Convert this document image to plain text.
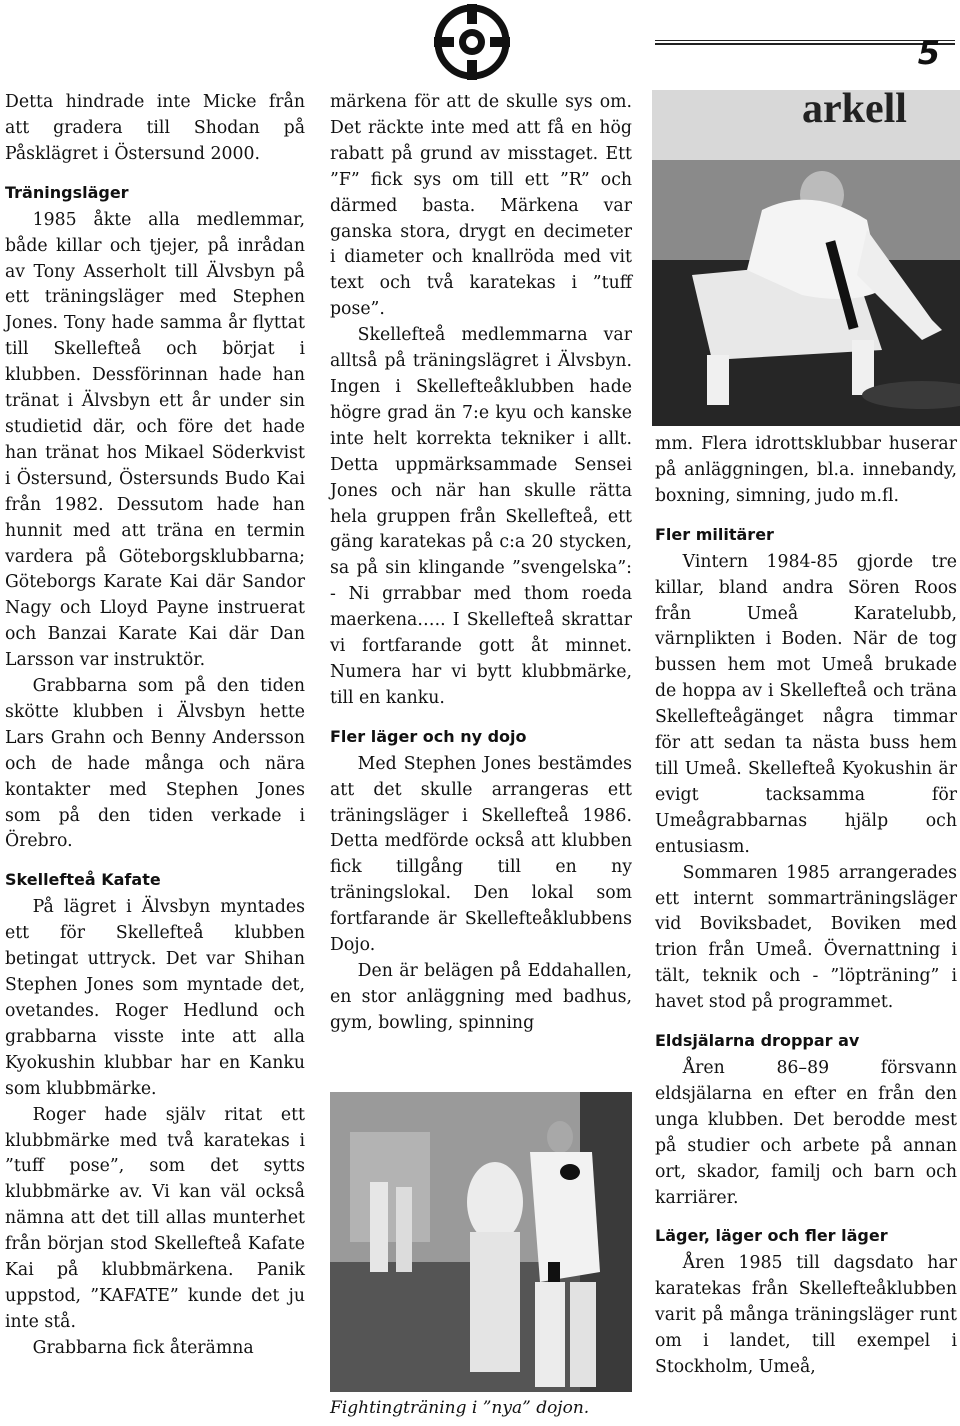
5

Detta hindrade inte Micke från att gradera till Shodan på Påsklägret i Östersund 2000.

Träningsläger

1985 åkte alla medlemmar, både killar och tjejer, på inrådan av Tony Asserholt till Älvsbyn på ett träningsläger med Stephen Jones. Tony hade samma år flyttat till Skellefteå och börjat i klubben. Dessförinnan hade han tränat i Älvsbyn ett år under sin studietid där, och före det hade han tränat hos Mikael Söderkvist i Östersund, Östersunds Budo Kai från 1982. Dessutom hade han hunnit med att träna en termin vardera på Göteborgsklubbarna; Göteborgs Karate Kai där Sandor Nagy och Lloyd Payne instruerat och Banzai Karate Kai där Dan Larsson var instruktör.

Grabbarna som på den tiden skötte klubben i Älvsbyn hette Lars Grahn och Benny Andersson och de hade många och nära kontakter med Stephen Jones som på den tiden verkade i Örebro.

Skellefteå Kafate

På lägret i Älvsbyn myntades ett för Skellefteå klubben betingat uttryck. Det var Shihan Stephen Jones som myntade det, ovetandes. Roger Hedlund och grabbarna visste inte att alla Kyokushin klubbar har en Kanku som klubbmärke.

Roger hade själv ritat ett klubbmärke med två karatekas i ”tuff pose”, som det sytts klubbmärke av. Vi kan väl också nämna att det till allas munterhet från början stod Skellefteå Kafate Kai på klubbmärkena. Panik uppstod, ”KAFATE” kunde det ju inte stå.

Grabbarna fick återämna

märkena för att de skulle sys om. Det räckte inte med att få en hög rabatt på grund av misstaget. Ett ”F” fick sys om till ett ”R” och därmed basta. Märkena var ganska stora, drygt en decimeter i diameter och knallröda med vit text och två karatekas i ”tuff pose”.

Skellefteå medlemmarna var alltså på träningslägret i Älvsbyn. Ingen i Skellefteåklubben hade högre grad än 7:e kyu och kanske inte helt korrekta tekniker i allt. Detta uppmärksammade Sensei Jones och när han skulle rätta hela gruppen från Skellefteå, ett gäng karatekas på c:a 20 stycken, sa på sin klingande ”svengelska”: - Ni grrabbar med thom roeda maerkena….. I Skellefteå skrattar vi fortfarande gott åt minnet. Numera har vi bytt klubbmärke, till en kanku.

Fler läger och ny dojo

Med Stephen Jones bestämdes att det skulle arrangeras ett träningsläger i Skellefteå 1986. Detta medförde också att klubben fick tillgång till en ny träningslokal. Den lokal som fortfarande är Skellefteåklubbens Dojo.

Den är belägen på Eddahallen, en stor anläggning med badhus, gym, bowling, spinning

mm. Flera idrottsklubbar huserar på anläggningen, bl.a. innebandy, boxning, simning, judo m.fl.

Fler militärer

Vintern 1984-85 gjorde tre killar, bland andra Sören Roos från Umeå Karatelubb, värnplikten i Boden. När de tog bussen hem mot Umeå brukade de hoppa av i Skellefteå och träna Skellefteågänget några timmar för att sedan ta nästa buss hem till Umeå. Skellefteå Kyokushin är evigt tacksamma för Umeågrabbarnas hjälp och entusiasm.

Sommaren 1985 arrangerades ett internt sommarträningsläger vid Boviksbadet, Boviken med trion från Umeå. Övernattning i tält, teknik och - ”löpträning” i havet stod på programmet.

Eldsjälarna droppar av

Åren 86–89 försvann eldsjälarna en efter en från den unga klubben. Det berodde mest på studier och arbete på annan ort, skador, familj och barn och karriärer.

Läger, läger och fler läger

Åren 1985 till dagsdato har karatekas från Skellefteåklubben varit på många träningsläger runt om i landet, till exempel i Stockholm, Umeå,

arkell
Fightingträning i ”nya” dojon.
